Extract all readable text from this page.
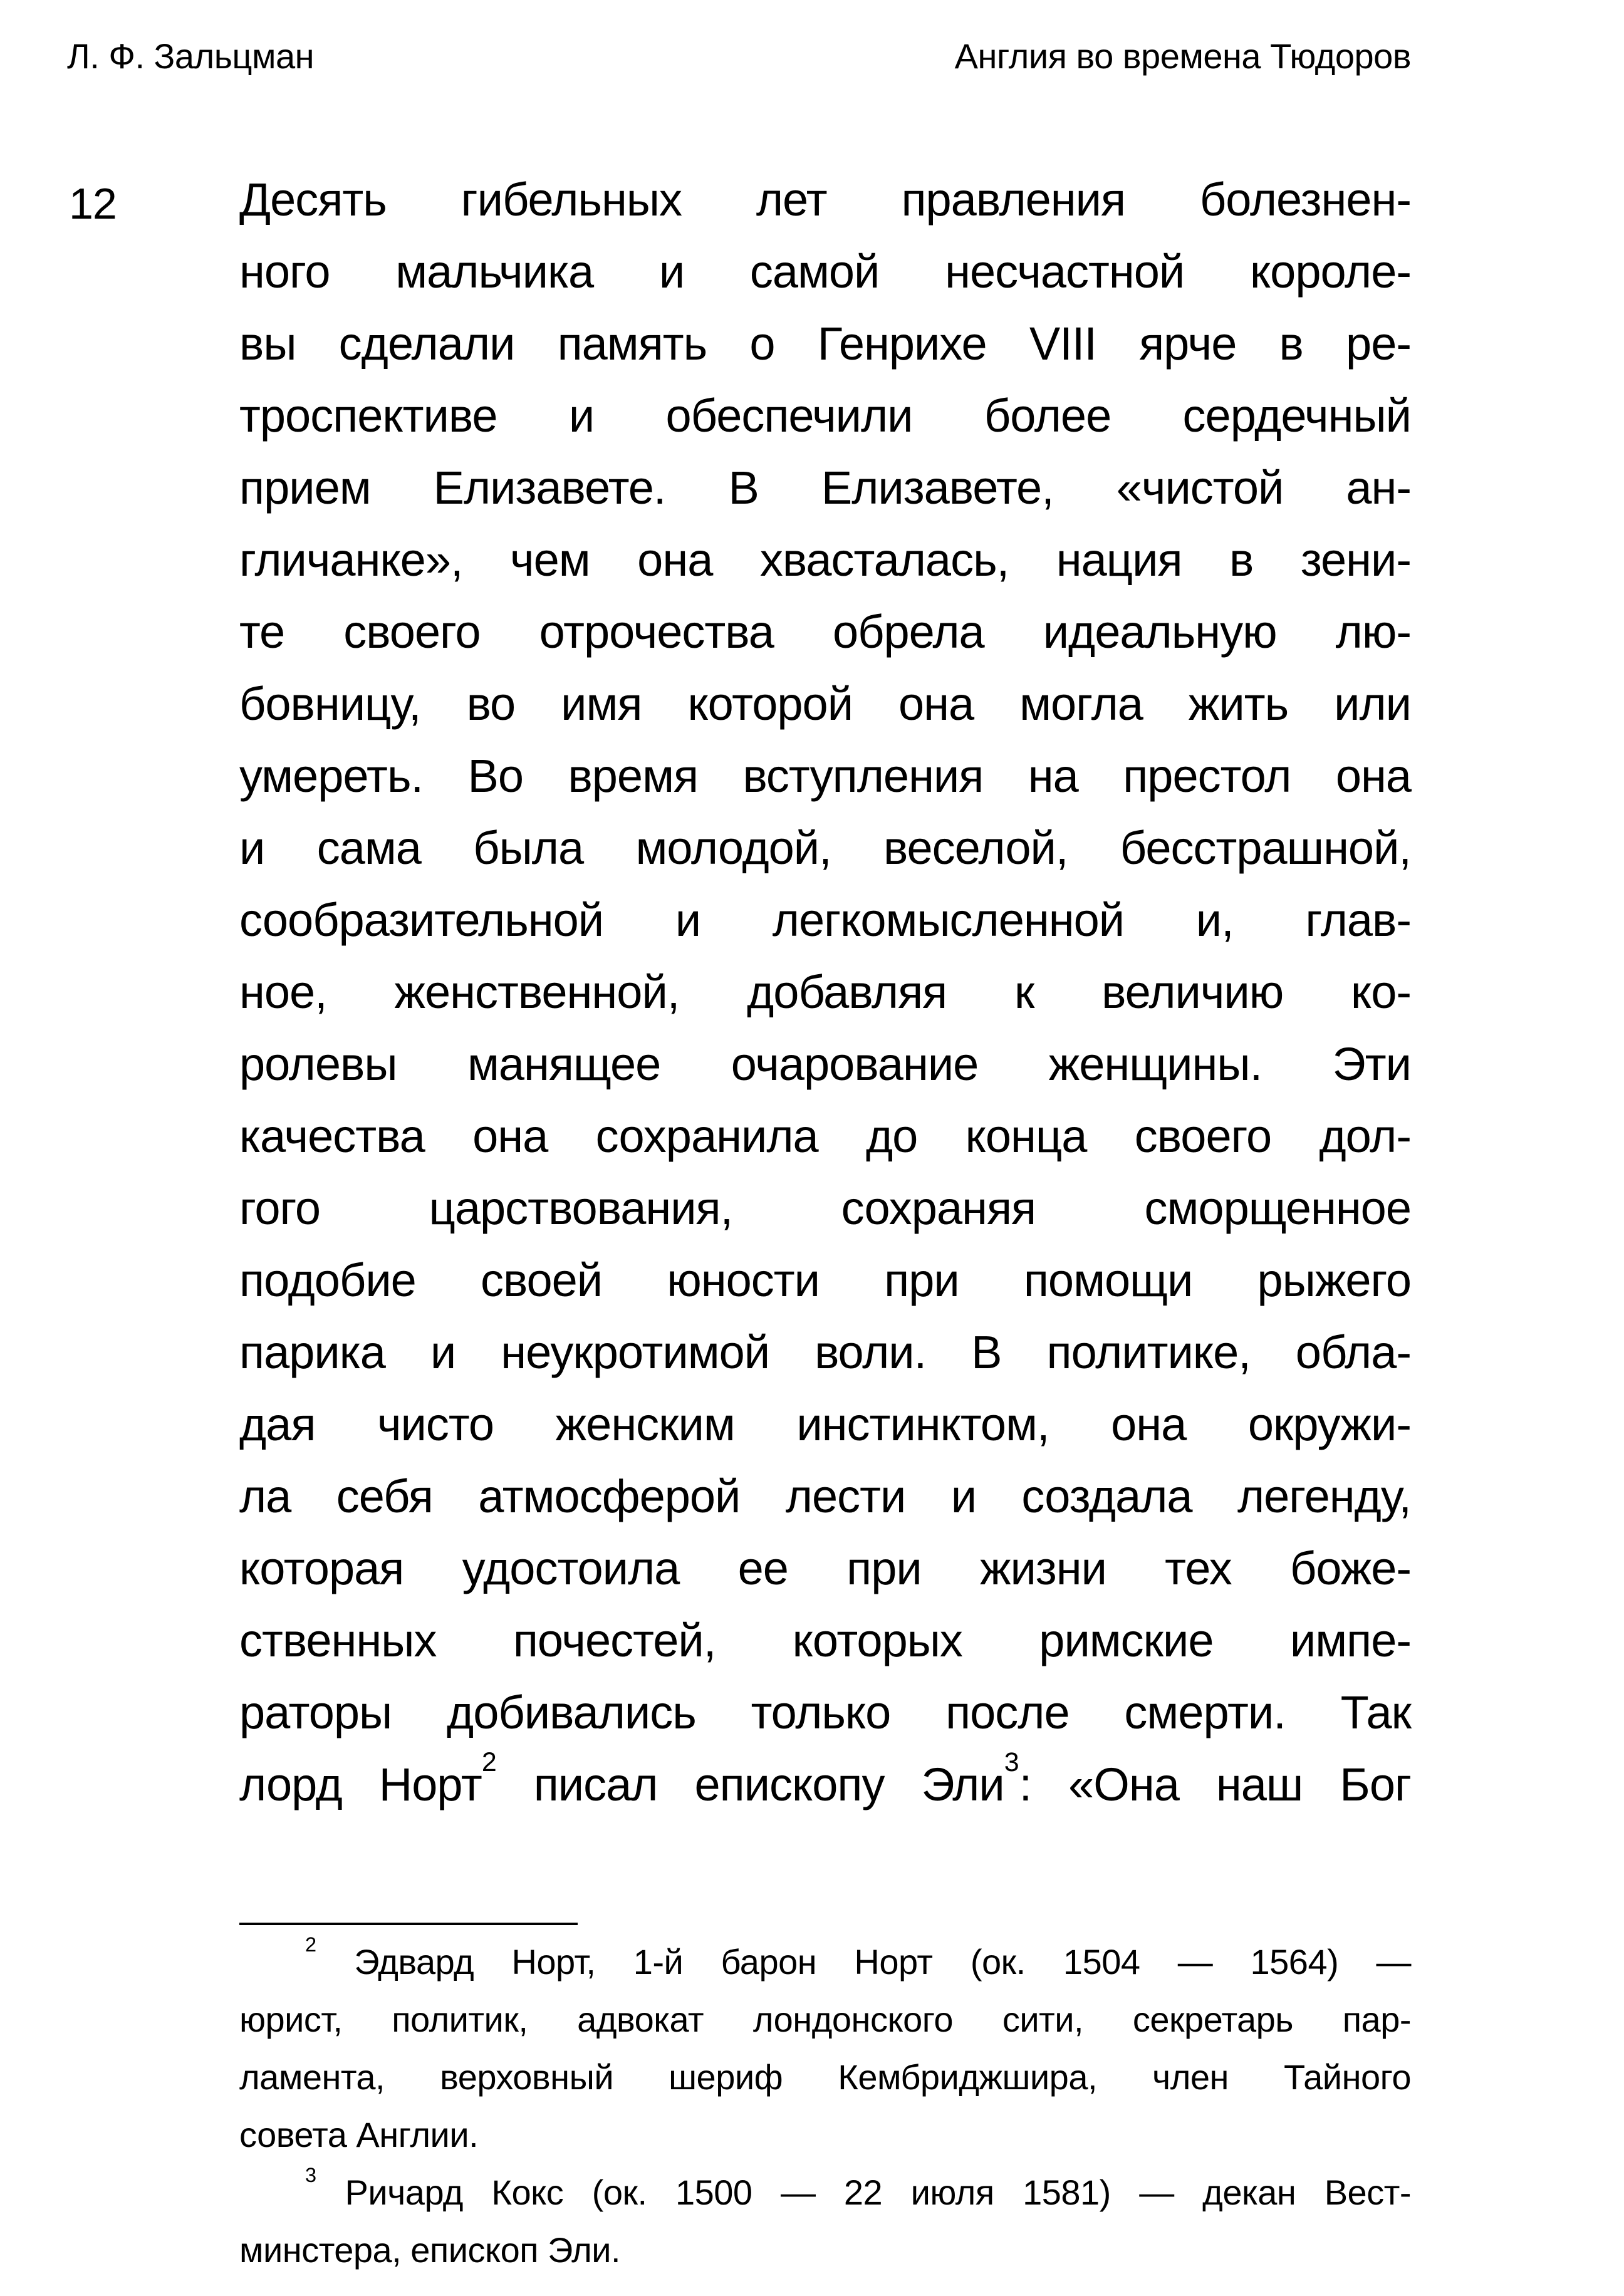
Л. Ф. Зальцман	Англия во времена Тюдоров
12	Десять гибельных лет правления болезнен-
ного мальчика и самой несчастной короле-
вы сделали память о Генрихе VIII ярче в ре-
троспективе и обеспечили более сердечный
прием Елизавете. В Елизавете, «чистой ан-
гличанке», чем она хвасталась, нация в зени-
те своего отрочества обрела идеальную лю-
бовницу, во имя которой она могла жить или
умереть. Во время вступления на престол она
и сама была молодой, веселой, бесстрашной,
сообразительной и легкомысленной и, глав-
ное, женственной, добавляя к величию ко-
ролевы манящее очарование женщины. Эти
качества она сохранила до конца своего дол-
гого царствования, сохраняя сморщенное
подобие своей юности при помощи рыжего
парика и неукротимой воли. В политике, обла-
дая чисто женским инстинктом, она окружи-
ла себя атмосферой лести и создала легенду,
которая удостоила ее при жизни тех боже-
ственных почестей, которых римские импе-
раторы добивались только после смерти. Так
лорд Норт$^2$ писал епископу Эли$^3$: «Она наш Бог
$^2$ Эдвард Норт, 1-й барон Норт (ок. 1504 — 1564) —
юрист, политик, адвокат лондонского сити, секретарь пар-
ламента, верховный шериф Кембриджшира, член Тайного
совета Англии.
$^3$ Ричард Кокс (ок. 1500 — 22 июля 1581) — декан Вест-
минстера, епископ Эли.
